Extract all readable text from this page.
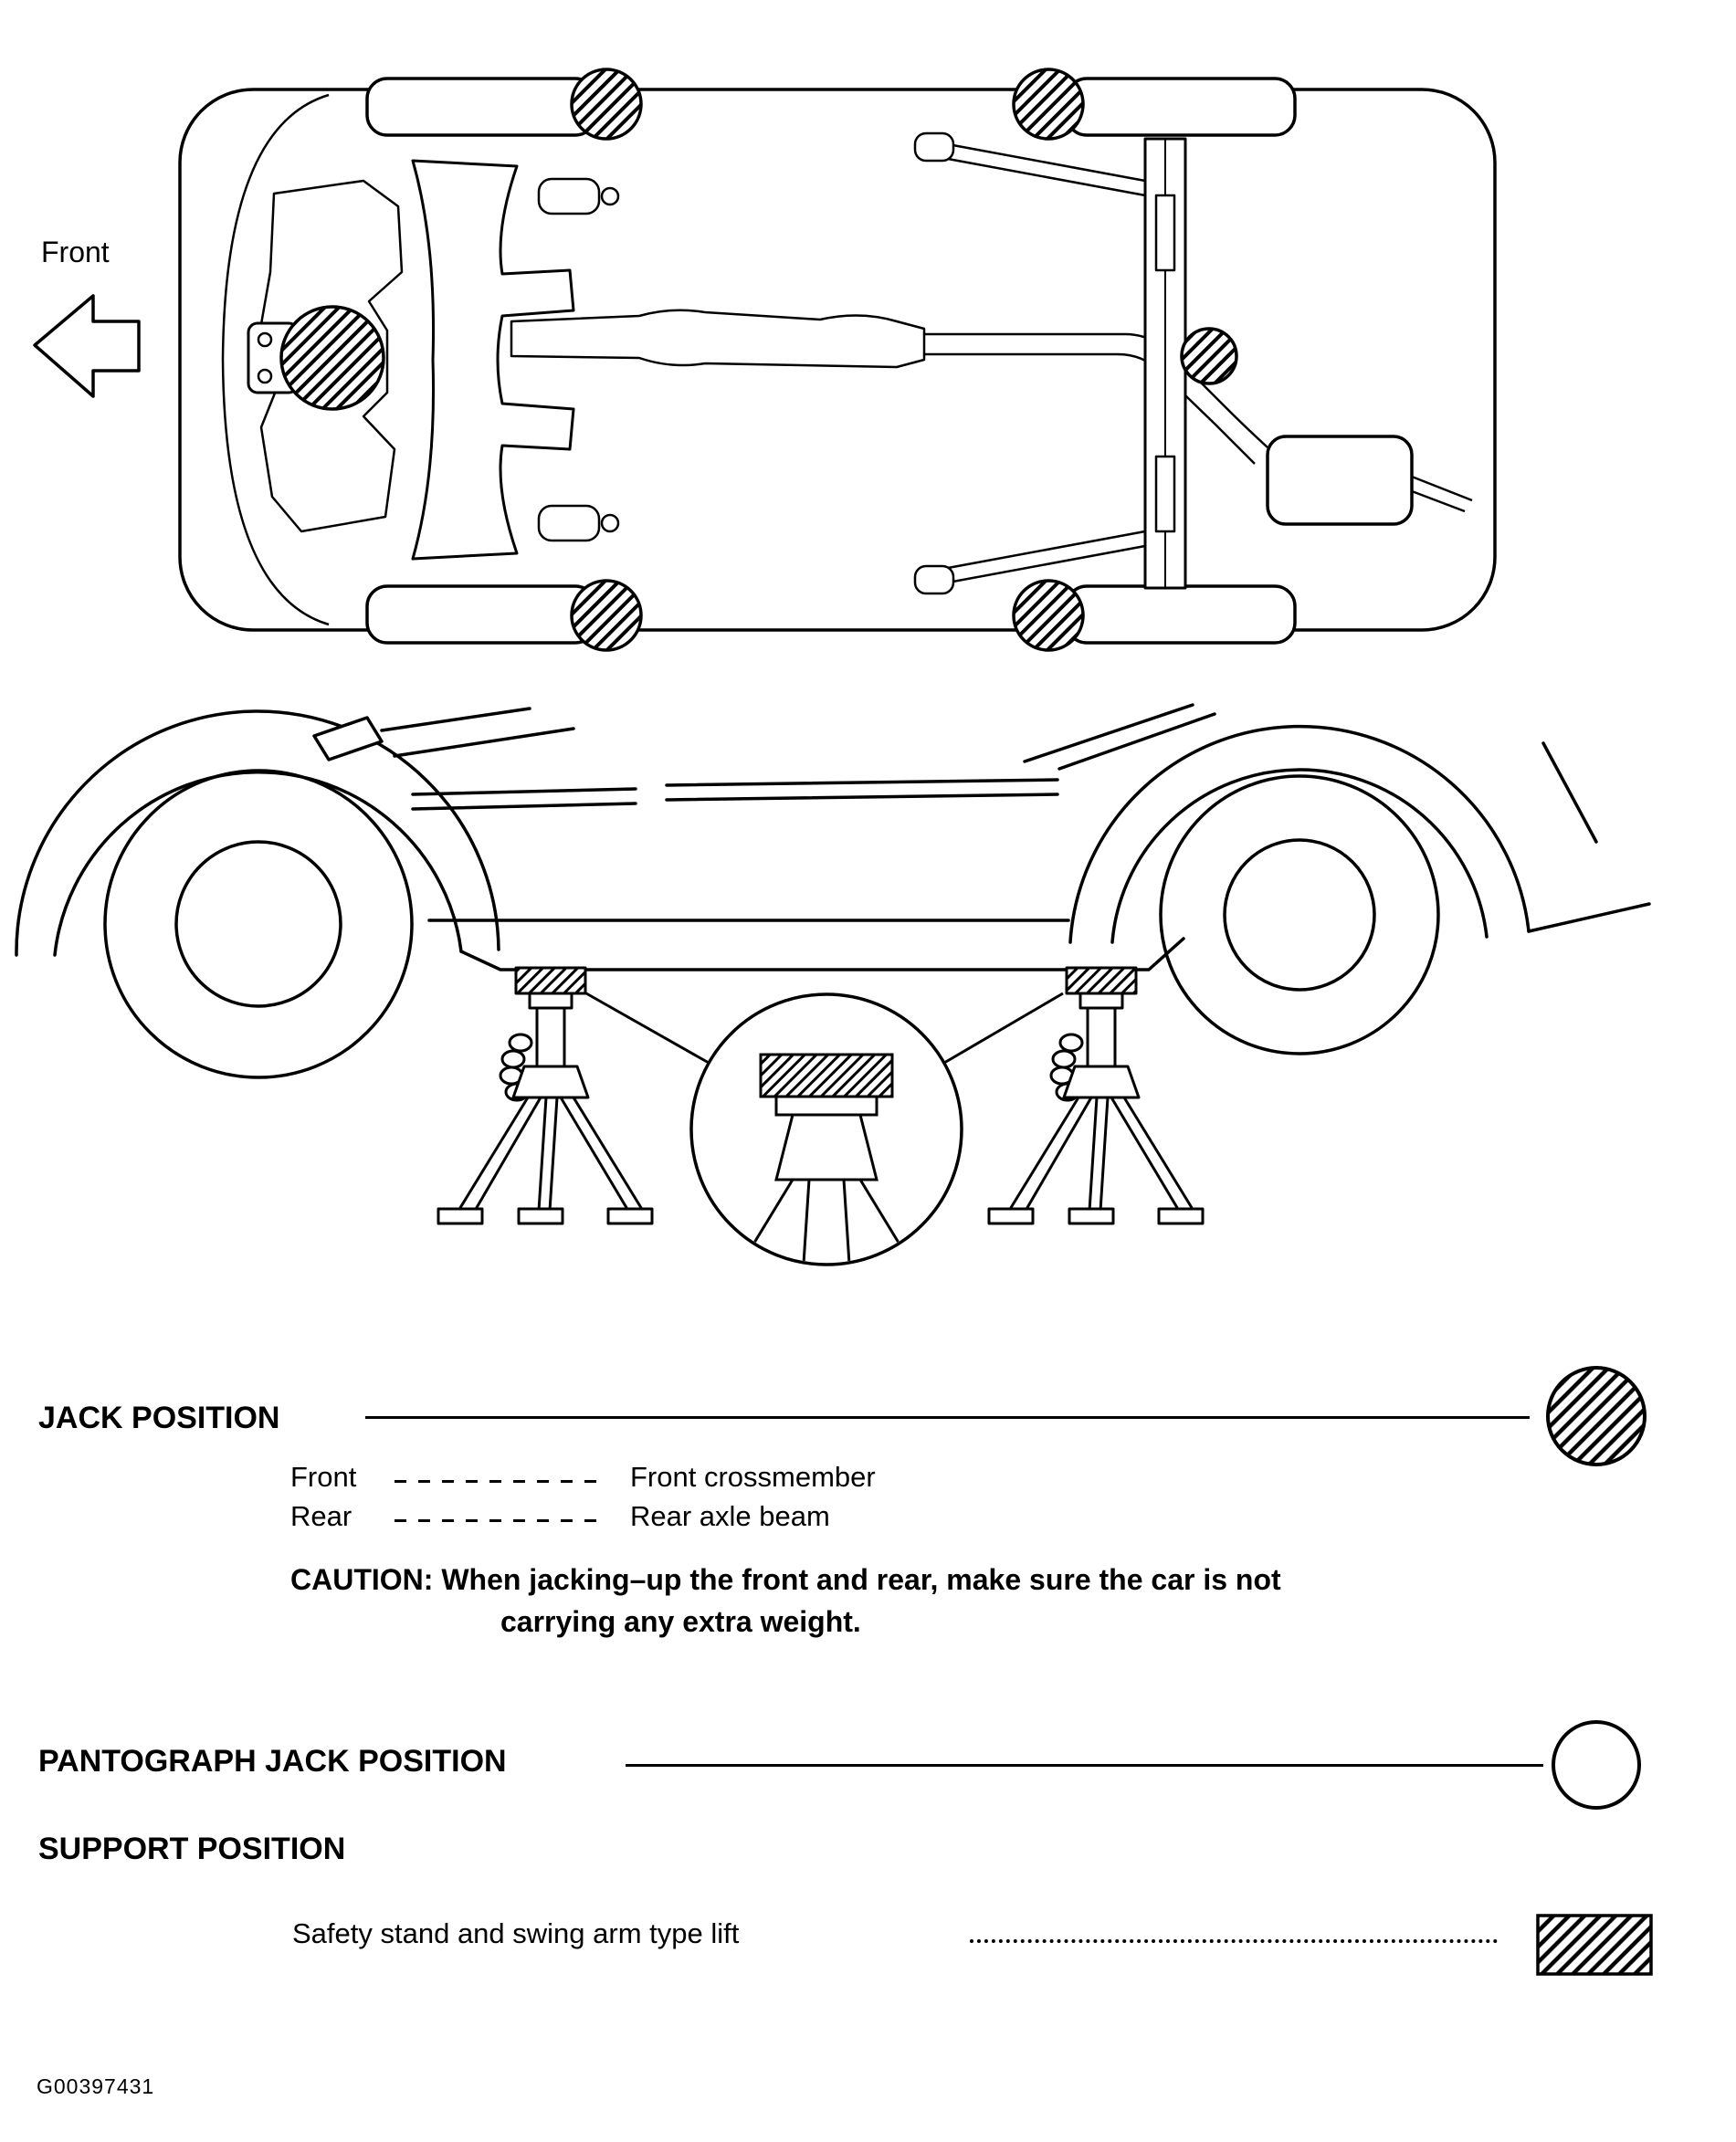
Front
JACK POSITION
Front	Front crossmember
Rear	Rear axle beam
CAUTION: When jacking–up the front and rear, make sure the car is not
carrying any extra weight.
PANTOGRAPH JACK POSITION
SUPPORT POSITION
Safety stand and swing arm type lift
G00397431
